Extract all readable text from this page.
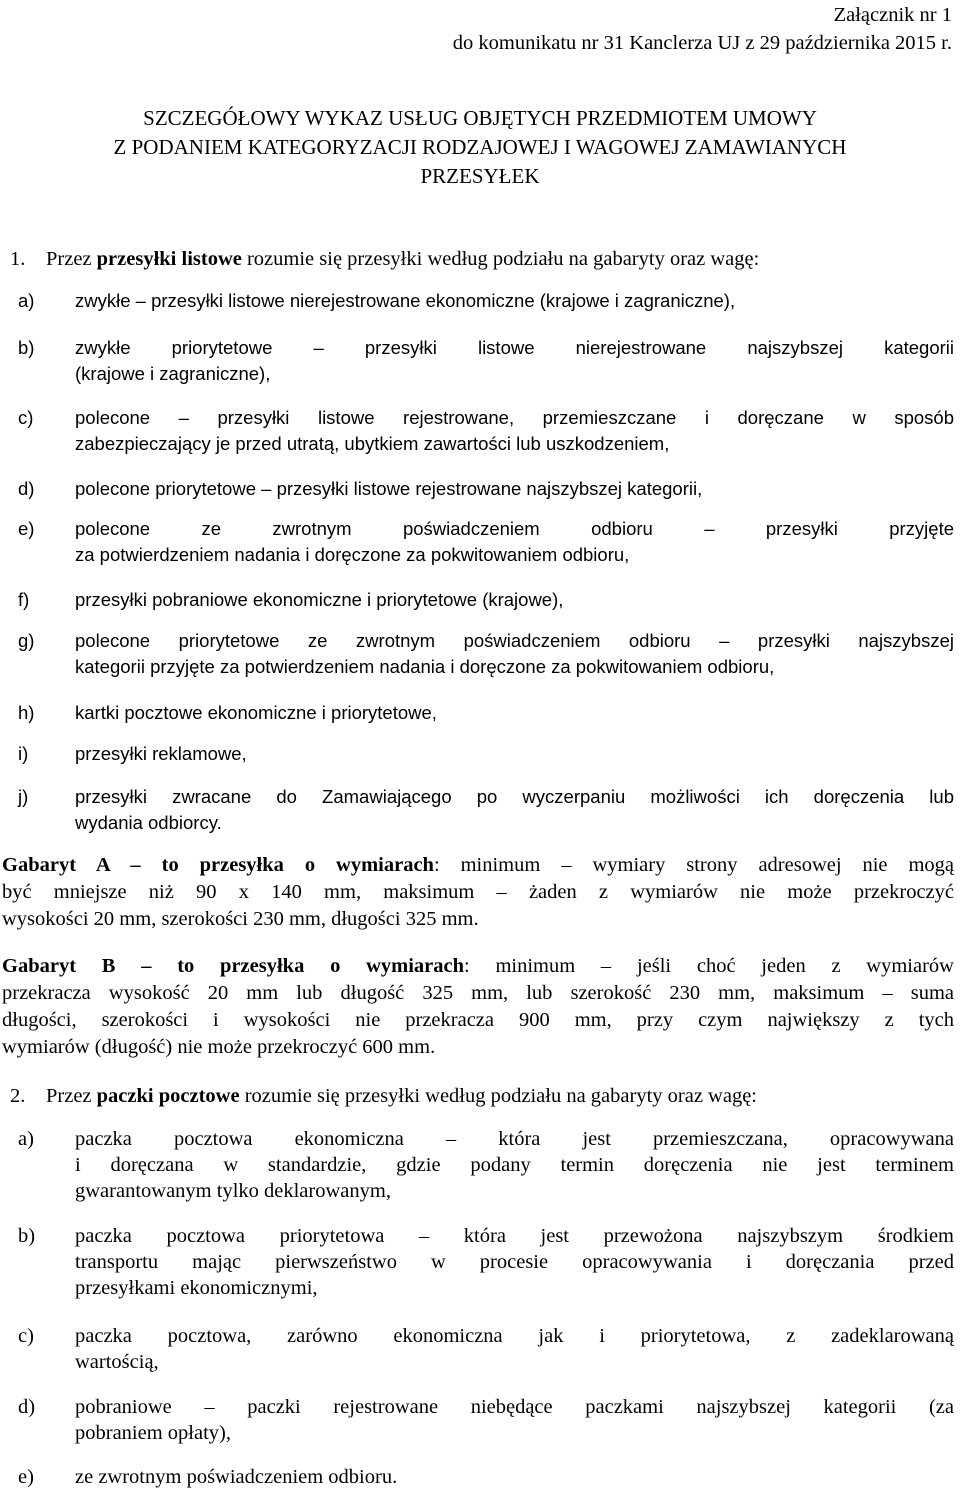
Załącznik nr 1
do komunikatu nr 31 Kanclerza UJ z 29 października 2015 r.
SZCZEGÓŁOWY WYKAZ USŁUG OBJĘTYCH PRZEDMIOTEM UMOWY
Z PODANIEM KATEGORYZACJI RODZAJOWEJ I WAGOWEJ ZAMAWIANYCH
PRZESYŁEK
1. Przez przesyłki listowe rozumie się przesyłki według podziału na gabaryty oraz wagę:
a)	zwykłe – przesyłki listowe nierejestrowane ekonomiczne (krajowe i zagraniczne),
b)	zwykłe priorytetowe – przesyłki listowe nierejestrowane najszybszej kategorii
(krajowe i zagraniczne),
c)	polecone – przesyłki listowe rejestrowane, przemieszczane i doręczane w sposób
zabezpieczający je przed utratą, ubytkiem zawartości lub uszkodzeniem,
d)	polecone priorytetowe – przesyłki listowe rejestrowane najszybszej kategorii,
e)	polecone ze zwrotnym poświadczeniem odbioru – przesyłki przyjęte
za potwierdzeniem nadania i doręczone za pokwitowaniem odbioru,
f)	przesyłki pobraniowe ekonomiczne i priorytetowe (krajowe),
g)	polecone priorytetowe ze zwrotnym poświadczeniem odbioru – przesyłki najszybszej
kategorii przyjęte za potwierdzeniem nadania i doręczone za pokwitowaniem odbioru,
h)	kartki pocztowe ekonomiczne i priorytetowe,
i)	przesyłki reklamowe,
j)	przesyłki zwracane do Zamawiającego po wyczerpaniu możliwości ich doręczenia lub
wydania odbiorcy.
Gabaryt A – to przesyłka o wymiarach: minimum – wymiary strony adresowej nie mogą
być mniejsze niż 90 x 140 mm, maksimum – żaden z wymiarów nie może przekroczyć
wysokości 20 mm, szerokości 230 mm, długości 325 mm.
Gabaryt B – to przesyłka o wymiarach: minimum – jeśli choć jeden z wymiarów
przekracza wysokość 20 mm lub długość 325 mm, lub szerokość 230 mm, maksimum – suma
długości, szerokości i wysokości nie przekracza 900 mm, przy czym największy z tych
wymiarów (długość) nie może przekroczyć 600 mm.
2. Przez paczki pocztowe rozumie się przesyłki według podziału na gabaryty oraz wagę:
a)	paczka pocztowa ekonomiczna – która jest przemieszczana, opracowywana
i doręczana w standardzie, gdzie podany termin doręczenia nie jest terminem
gwarantowanym tylko deklarowanym,
b)	paczka pocztowa priorytetowa – która jest przewożona najszybszym środkiem
transportu mając pierwszeństwo w procesie opracowywania i doręczania przed
przesyłkami ekonomicznymi,
c)	paczka pocztowa, zarówno ekonomiczna jak i priorytetowa, z zadeklarowaną
wartością,
d)	pobraniowe – paczki rejestrowane niebędące paczkami najszybszej kategorii (za
pobraniem opłaty),
e)	ze zwrotnym poświadczeniem odbioru.
